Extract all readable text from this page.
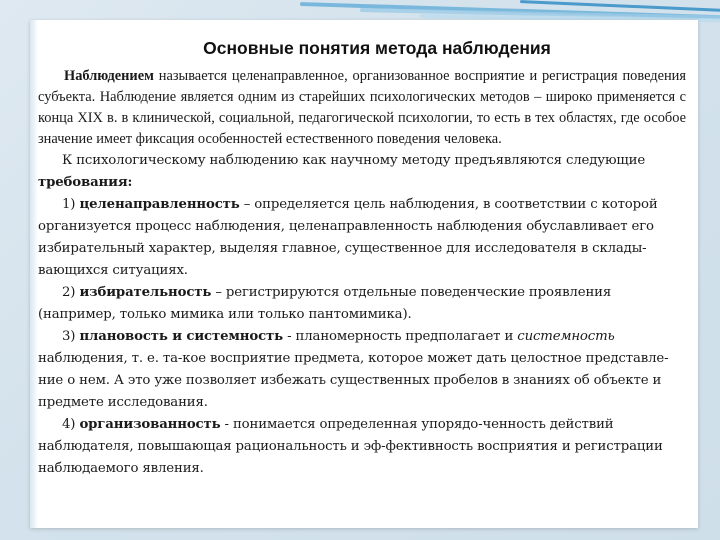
Основные понятия метода наблюдения

Наблюдением называется целенаправленное, организованное восприятие и регистрация поведения субъекта. Наблюдение является одним из старейших психологических методов – широко применяется с конца XIX в. в клинической, социальной, педагогической психологии, то есть в тех областях, где особое значение имеет фиксация особенностей естественного поведения человека.

К психологическому наблюдению как научному методу предъявляются следующие требования:

1) целенаправленность – определяется цель наблюдения, в соответствии с которой организуется процесс наблюдения, целенаправленность наблюдения обуславливает его избирательный характер, выделяя главное, существенное для исследователя в склады-вающихся ситуациях.

2) избирательность – регистрируются отдельные поведенческие проявления (например, только мимика или только пантомимика).

3) плановость и системность - планомерность предполагает и системность наблюдения, т. е. та-кое восприятие предмета, которое может дать целостное представле-ние о нем. А это уже позволяет избежать существенных пробелов в знаниях об объекте и предмете исследования.

4) организованность - понимается определенная упорядо-ченность действий наблюдателя, повышающая рациональность и эф-фективность восприятия и регистрации наблюдаемого явления.
